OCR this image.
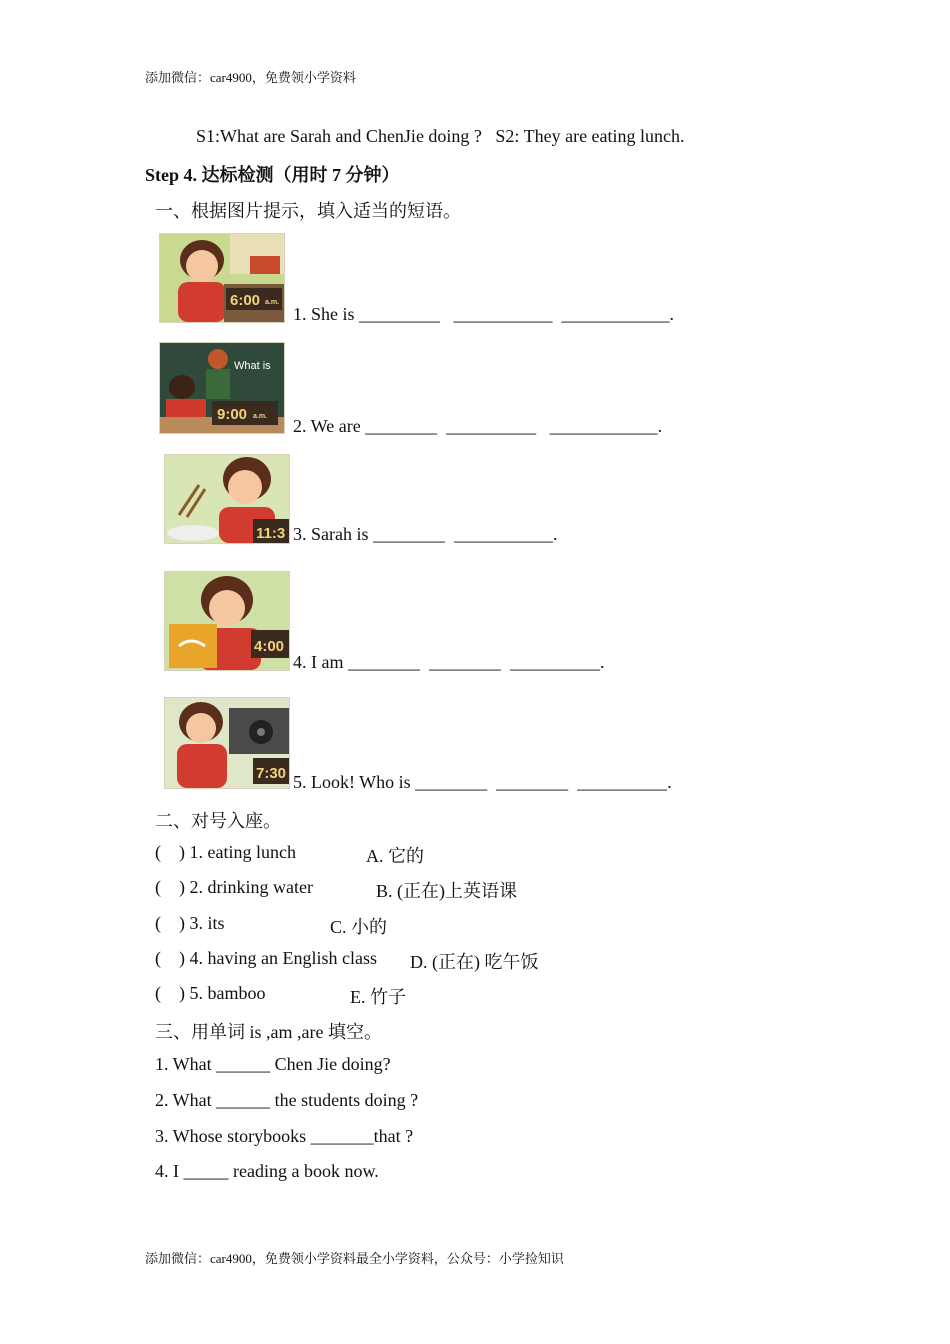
添加微信：car4900，免费领小学资料
S1:What are Sarah and ChenJie doing ?   S2: They are eating lunch.
Step 4. 达标检测（用时 7 分钟）
一、根据图片提示，填入适当的短语。
6:00 a.m.
1. She is _________   ___________  ____________.
What is
9:00 a.m. 2. We are ________  __________   ____________.
11:3 3. Sarah is ________  ___________.
4:00
4. I am ________  ________  __________.
7:30 5. Look! Who is ________  ________  __________.
二、对号入座。
(    ) 1. eating lunch	A. 它的
(    ) 2. drinking water	B. (正在)上英语课
(    ) 3. its	C. 小的
(    ) 4. having an English class D. (正在) 吃午饭
(    ) 5. bamboo	E. 竹子
三、用单词 is ,am ,are 填空。
1. What ______ Chen Jie doing?
2. What ______ the students doing ?
3. Whose storybooks _______that ?
4. I _____ reading a book now.
添加微信：car4900，免费领小学资料最全小学资料，公众号：小学捡知识
